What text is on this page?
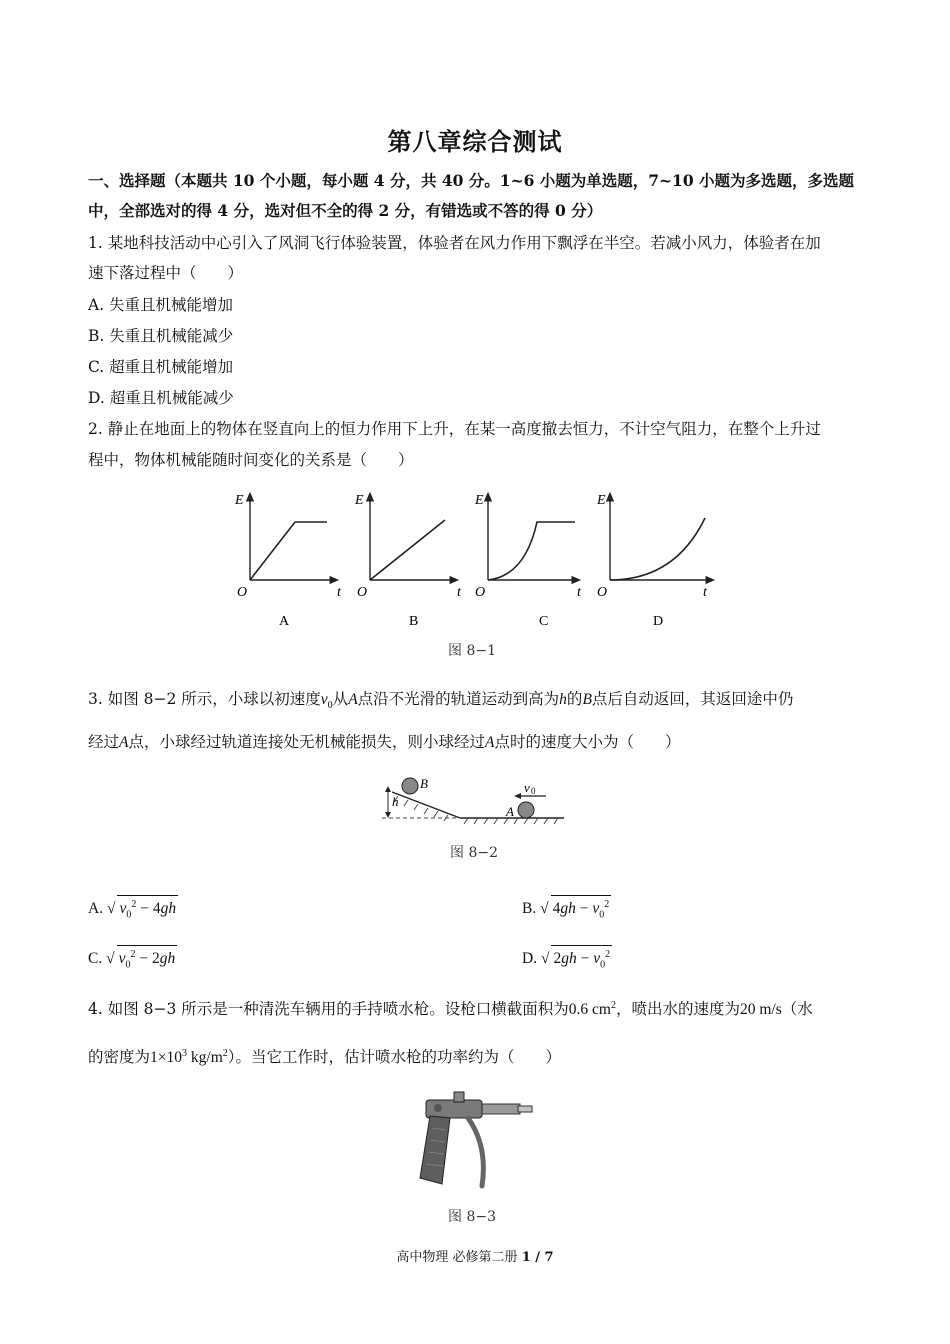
第八章综合测试
一、选择题（本题共 10 个小题，每小题 4 分，共 40 分。1~6 小题为单选题，7~10 小题为多选题，多选题
中，全部选对的得 4 分，选对但不全的得 2 分，有错选或不答的得 0 分）
1. 某地科技活动中心引入了风洞飞行体验装置，体验者在风力作用下飘浮在半空。若减小风力，体验者在加
速下落过程中（　　）
A. 失重且机械能增加
B. 失重且机械能减少
C. 超重且机械能增加
D. 超重且机械能减少
2. 静止在地面上的物体在竖直向上的恒力作用下上升，在某一高度撤去恒力，不计空气阻力，在整个上升过
程中，物体机械能随时间变化的关系是（　　）
E
O	t
A
E
O	t
B
E
O	t
C
E
O	t
D
图 8−1
3. 如图 8−2 所示，小球以初速度$v_0$从A点沿不光滑的轨道运动到高为h的B点后自动返回，其返回途中仍
经过A点，小球经过轨道连接处无机械能损失，则小球经过A点时的速度大小为（　　）
B
h
A
v 0
图 8−2
A. √ $v_0^2 - 4gh$	B. √ $4gh - v_0^2$
C. √ $v_0^2 - 2gh$	D. √ $2gh - v_0^2$
4. 如图 8−3 所示是一种清洗车辆用的手持喷水枪。设枪口横截面积为0.6 $cm^2$，喷出水的速度为20 m/s（水
的密度为$1\times 10^3$ $kg/m^2$）。当它工作时，估计喷水枪的功率约为（　　）
图 8−3
高中物理 必修第二册 1 / 7
